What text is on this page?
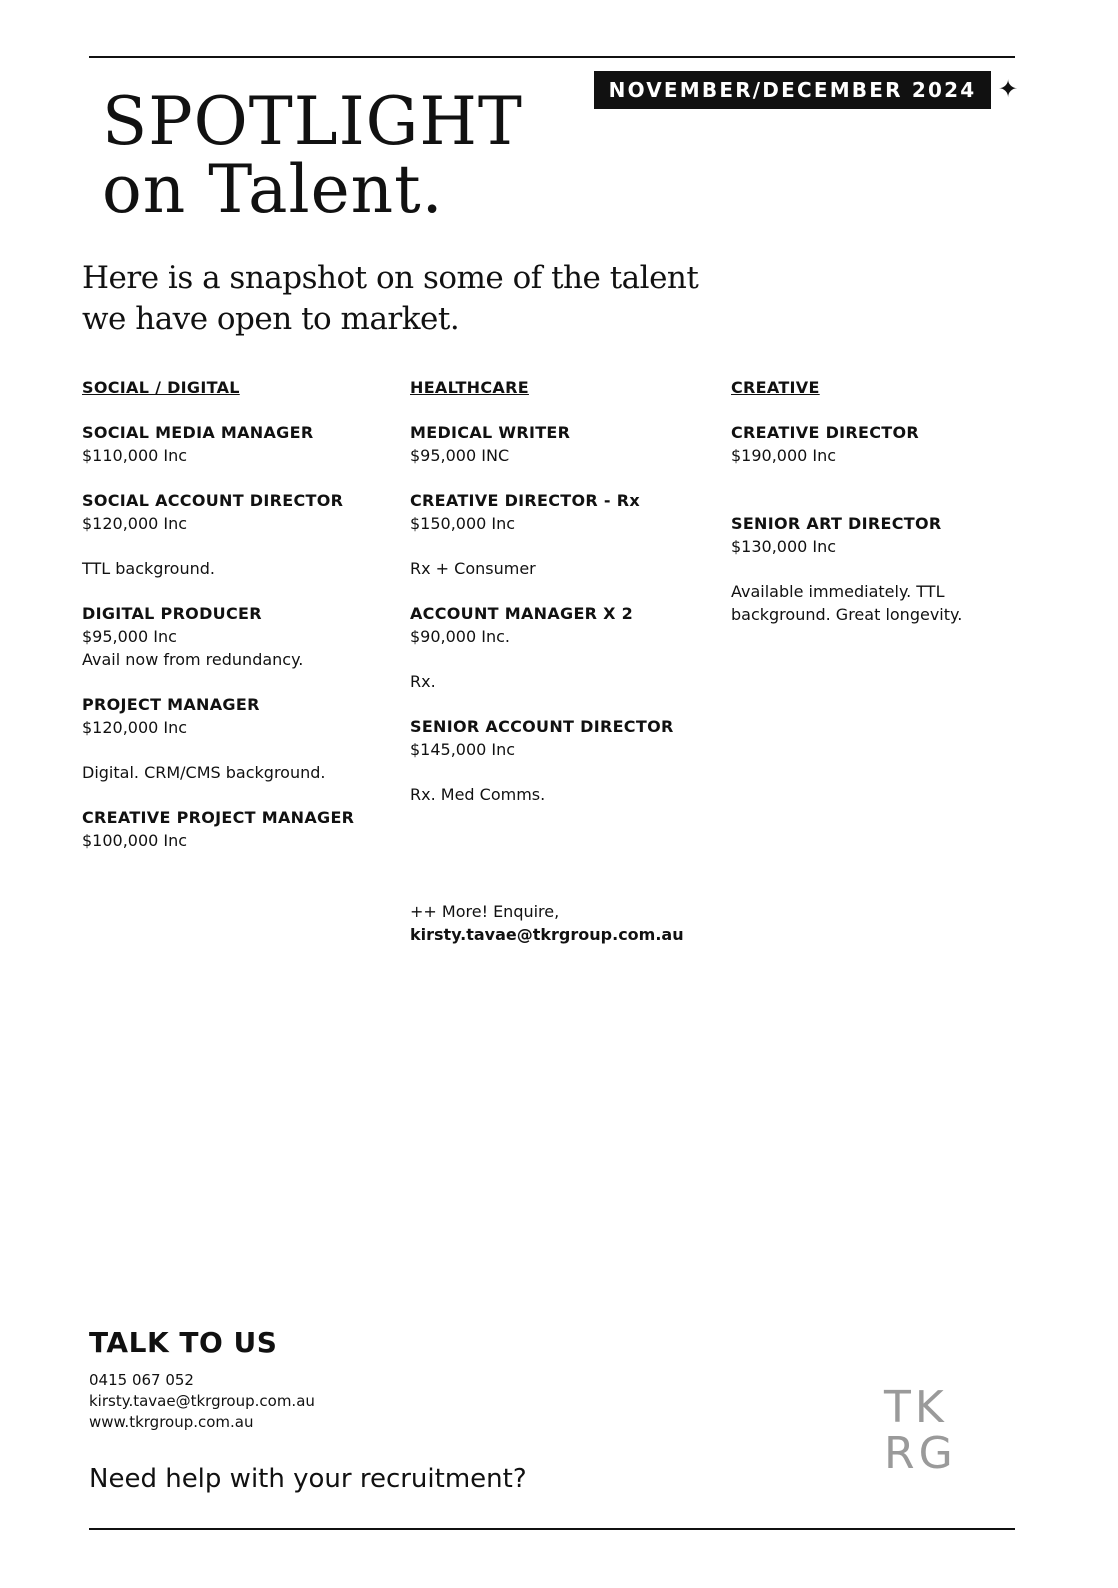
NOVEMBER/DECEMBER 2024 ✦
SPOTLIGHT
on Talent.

Here is a snapshot on some of the talent
we have open to market.

SOCIAL / DIGITAL
SOCIAL MEDIA MANAGER
$110,000 Inc
SOCIAL ACCOUNT DIRECTOR
$120,000 Inc
TTL background.
DIGITAL PRODUCER
$95,000 Inc
Avail now from redundancy.
PROJECT MANAGER
$120,000 Inc
Digital. CRM/CMS background.
CREATIVE PROJECT MANAGER
$100,000 Inc
HEALTHCARE
MEDICAL WRITER
$95,000 INC
CREATIVE DIRECTOR - Rx
$150,000 Inc
Rx + Consumer
ACCOUNT MANAGER X 2
$90,000 Inc.
Rx.
SENIOR ACCOUNT DIRECTOR
$145,000 Inc
Rx. Med Comms.
CREATIVE
CREATIVE DIRECTOR
$190,000 Inc
SENIOR ART DIRECTOR
$130,000 Inc
Available immediately. TTL background. Great longevity.
++ More! Enquire,
kirsty.tavae@tkrgroup.com.au
TALK TO US
0415 067 052
kirsty.tavae@tkrgroup.com.au
www.tkrgroup.com.au
Need help with your recruitment?
TK
RG
